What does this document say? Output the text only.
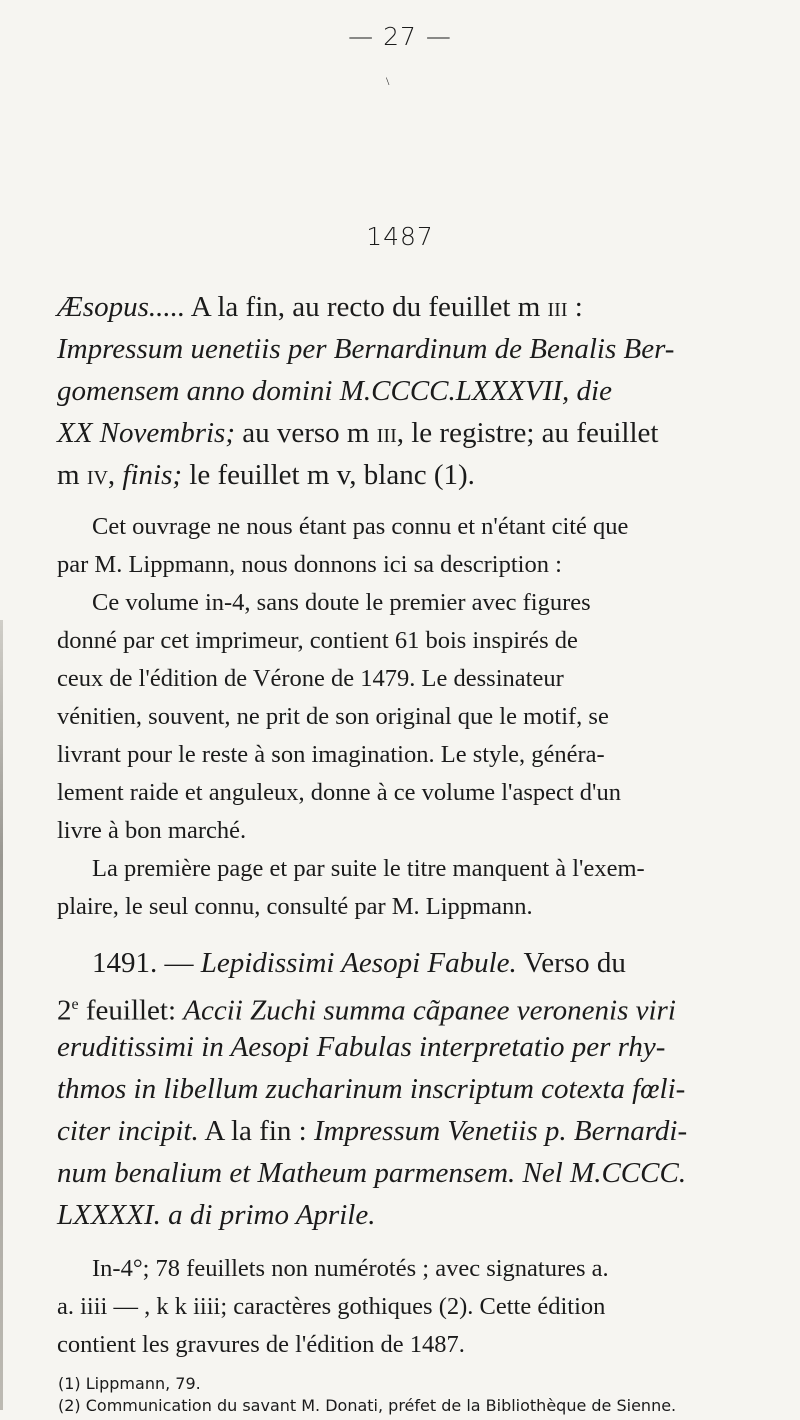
— 27 —
\
1487
Æsopus..... A la fin, au recto du feuillet m iii :
Impressum uenetiis per Bernardinum de Benalis Ber-
gomensem anno domini M.CCCC.LXXXVII, die
XX Novembris; au verso m iii, le registre; au feuillet
m iv, finis; le feuillet m v, blanc (1).
Cet ouvrage ne nous étant pas connu et n'étant cité que
par M. Lippmann, nous donnons ici sa description :
Ce volume in-4, sans doute le premier avec figures
donné par cet imprimeur, contient 61 bois inspirés de
ceux de l'édition de Vérone de 1479. Le dessinateur
vénitien, souvent, ne prit de son original que le motif, se
livrant pour le reste à son imagination. Le style, généra-
lement raide et anguleux, donne à ce volume l'aspect d'un
livre à bon marché.
La première page et par suite le titre manquent à l'exem-
plaire, le seul connu, consulté par M. Lippmann.
1491. — Lepidissimi Aesopi Fabule. Verso du
2e feuillet: Accii Zuchi summa cãpanee veronenis viri
eruditissimi in Aesopi Fabulas interpretatio per rhy-
thmos in libellum zucharinum inscriptum cotexta fœli-
citer incipit. A la fin : Impressum Venetiis p. Bernardi-
num benalium et Matheum parmensem. Nel M.CCCC.
LXXXXI. a di primo Aprile.
In-4°; 78 feuillets non numérotés ; avec signatures a.
a. iiii — , k k iiii; caractères gothiques (2). Cette édition
contient les gravures de l'édition de 1487.
(1) Lippmann, 79.
(2) Communication du savant M. Donati, préfet de la Bibliothèque de Sienne.
